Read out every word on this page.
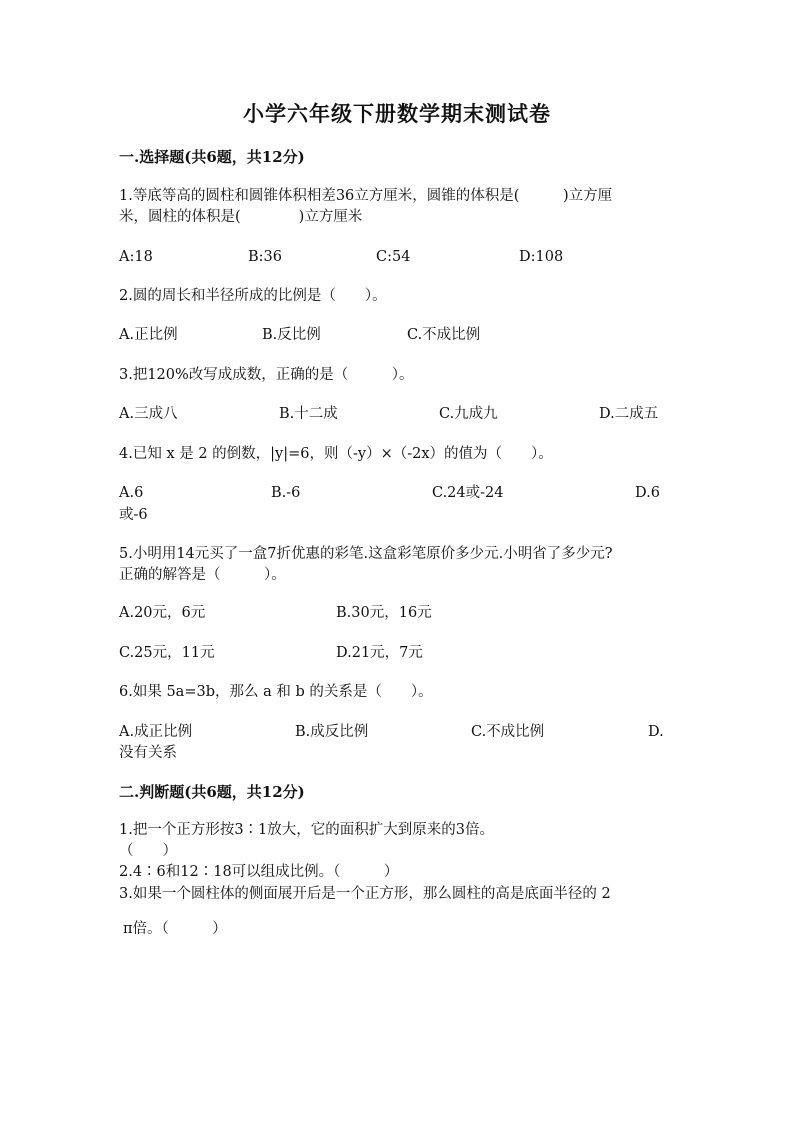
小学六年级下册数学期末测试卷
一.选择题(共6题，共12分)
1.等底等高的圆柱和圆锥体积相差36立方厘米，圆锥的体积是(　　　)立方厘
米，圆柱的体积是(　　　　)立方厘米
A:18	B:36	C:54	D:108
2.圆的周长和半径所成的比例是（　　）。
A.正比例	B.反比例	C.不成比例
3.把120%改写成成数，正确的是（　　　）。
A.三成八	B.十二成	C.九成九	D.二成五
4.已知 x 是 2 的倒数，|y|=6，则（-y）×（-2x）的值为（　　）。
A.6	B.-6	C.24或-24	D.6
或-6
5.小明用14元买了一盒7折优惠的彩笔.这盒彩笔原价多少元.小明省了多少元?
正确的解答是（　　　）。
A.20元，6元	B.30元，16元
C.25元，11元	D.21元，7元
6.如果 5a=3b，那么 a 和 b 的关系是（　　）。
A.成正比例	B.成反比例	C.不成比例	D.
没有关系
二.判断题(共6题，共12分)
1.把一个正方形按3∶1放大，它的面积扩大到原来的3倍。
（　　）
2.4∶6和12∶18可以组成比例。（　　　）
3.如果一个圆柱体的侧面展开后是一个正方形，那么圆柱的高是底面半径的 2
π倍。（　　　）
